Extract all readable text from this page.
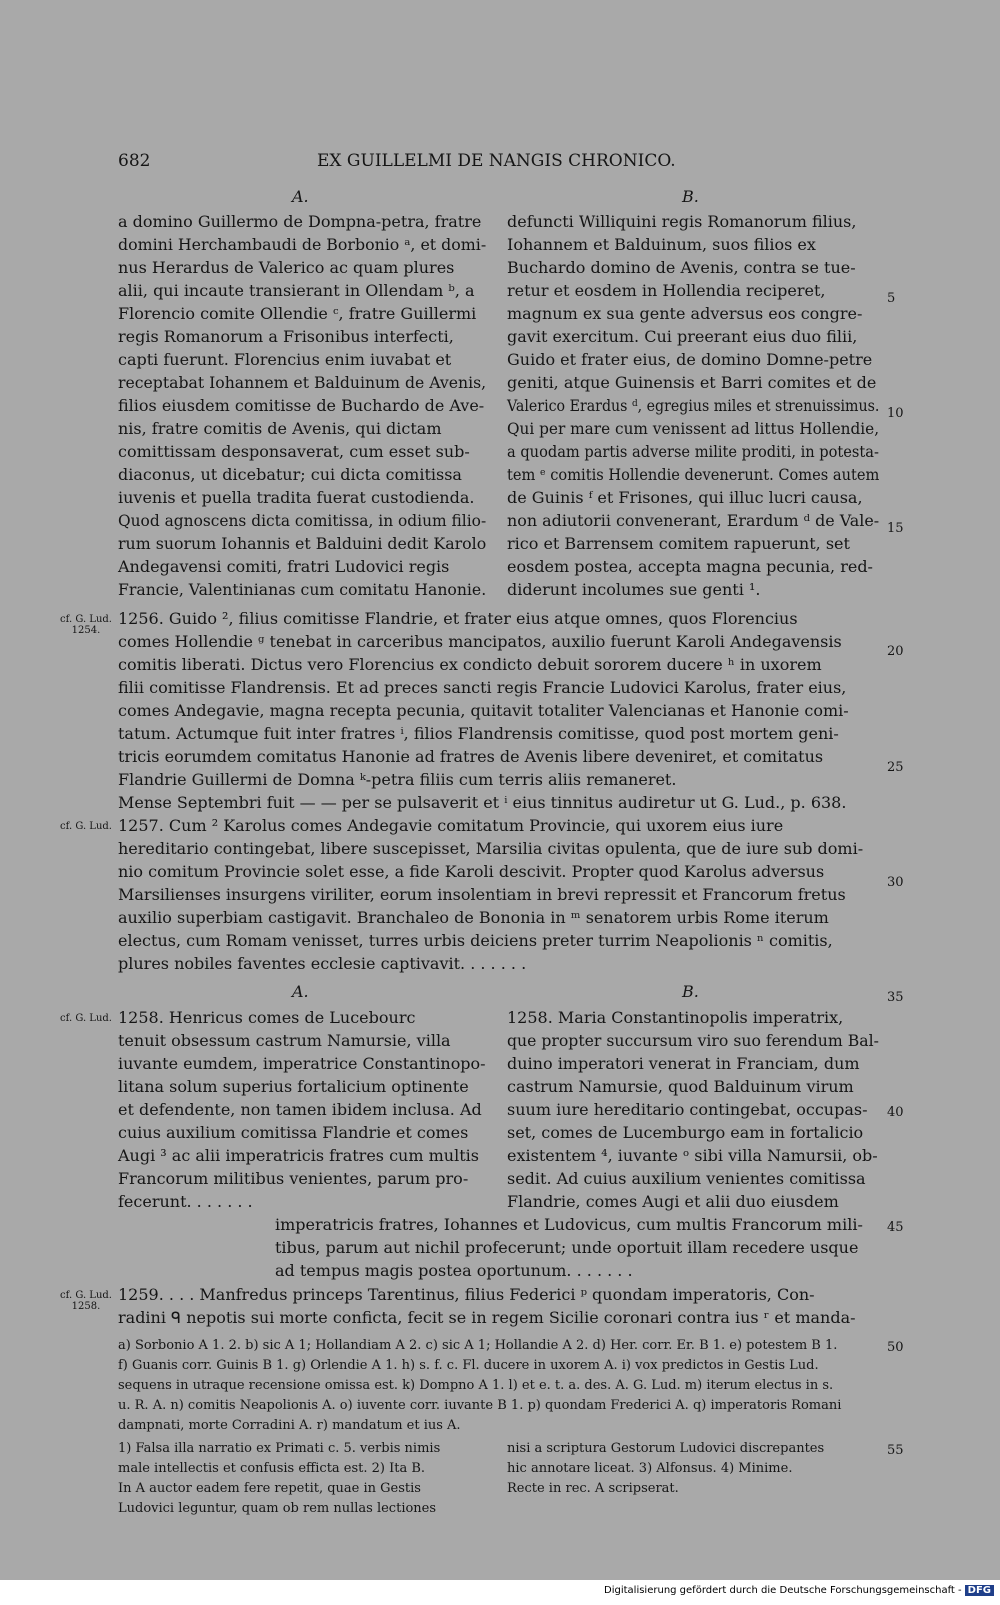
682	EX GUILLELMI DE NANGIS CHRONICO.
A.	B.
a domino Guillermo de Dompna-petra, fratre
domini Herchambaudi de Borbonio ᵃ, et domi-
nus Herardus de Valerico ac quam plures
alii, qui incaute transierant in Ollendam ᵇ, a
Florencio comite Ollendie ᶜ, fratre Guillermi
regis Romanorum a Frisonibus interfecti,
capti fuerunt. Florencius enim iuvabat et
receptabat Iohannem et Balduinum de Avenis,
filios eiusdem comitisse de Buchardo de Ave-
nis, fratre comitis de Avenis, qui dictam
comittissam desponsaverat, cum esset sub-
diaconus, ut dicebatur; cui dicta comitissa
iuvenis et puella tradita fuerat custodienda.
Quod agnoscens dicta comitissa, in odium filio-
rum suorum Iohannis et Balduini dedit Karolo
Andegavensi comiti, fratri Ludovici regis
Francie, Valentinianas cum comitatu Hanonie.
defuncti Williquini regis Romanorum filius,
Iohannem et Balduinum, suos filios ex
Buchardo domino de Avenis, contra se tue-
retur et eosdem in Hollendia reciperet,
magnum ex sua gente adversus eos congre-
gavit exercitum. Cui preerant eius duo filii,
Guido et frater eius, de domino Domne-petre
geniti, atque Guinensis et Barri comites et de
Valerico Erardus ᵈ, egregius miles et strenuissimus.
Qui per mare cum venissent ad littus Hollendie,
a quodam partis adverse milite proditi, in potesta-
tem ᵉ comitis Hollendie devenerunt. Comes autem
de Guinis ᶠ et Frisones, qui illuc lucri causa,
non adiutorii convenerant, Erardum ᵈ de Vale-
rico et Barrensem comitem rapuerunt, set
eosdem postea, accepta magna pecunia, red-
diderunt incolumes sue genti ¹.
cf. G. Lud. 1254.
1256. Guido ², filius comitisse Flandrie, et frater eius atque omnes, quos Florencius
comes Hollendie ᵍ tenebat in carceribus mancipatos, auxilio fuerunt Karoli Andegavensis
comitis liberati. Dictus vero Florencius ex condicto debuit sororem ducere ʰ in uxorem
filii comitisse Flandrensis. Et ad preces sancti regis Francie Ludovici Karolus, frater eius,
comes Andegavie, magna recepta pecunia, quitavit totaliter Valencianas et Hanonie comi-
tatum. Actumque fuit inter fratres ⁱ, filios Flandrensis comitisse, quod post mortem geni-
tricis eorumdem comitatus Hanonie ad fratres de Avenis libere deveniret, et comitatus
Flandrie Guillermi de Domna ᵏ-petra filiis cum terris aliis remaneret.
Mense Septembri fuit — — per se pulsaverit et ⁱ eius tinnitus audiretur ut G. Lud., p. 638.
cf. G. Lud. 1257. Cum ² Karolus comes Andegavie comitatum Provincie, qui uxorem eius iure
hereditario contingebat, libere suscepisset, Marsilia civitas opulenta, que de iure sub domi-
nio comitum Provincie solet esse, a fide Karoli descivit. Propter quod Karolus adversus
Marsilienses insurgens viriliter, eorum insolentiam in brevi repressit et Francorum fretus
auxilio superbiam castigavit. Branchaleo de Bononia in ᵐ senatorem urbis Rome iterum
electus, cum Romam venisset, turres urbis deiciens preter turrim Neapolionis ⁿ comitis,
plures nobiles faventes ecclesie captivavit. . . . . . .
A.	B.
cf. G. Lud. 1258. Henricus comes de Lucebourc
tenuit obsessum castrum Namursie, villa
iuvante eumdem, imperatrice Constantinopo-
litana solum superius fortalicium optinente
et defendente, non tamen ibidem inclusa. Ad
cuius auxilium comitissa Flandrie et comes
Augi ³ ac alii imperatricis fratres cum multis
Francorum militibus venientes, parum pro-
fecerunt. . . . . . .
1258. Maria Constantinopolis imperatrix,
que propter succursum viro suo ferendum Bal-
duino imperatori venerat in Franciam, dum
castrum Namursie, quod Balduinum virum
suum iure hereditario contingebat, occupas-
set, comes de Lucemburgo eam in fortalicio
existentem ⁴, iuvante ᵒ sibi villa Namursii, ob-
sedit. Ad cuius auxilium venientes comitissa
Flandrie, comes Augi et alii duo eiusdem
imperatricis fratres, Iohannes et Ludovicus, cum multis Francorum mili-
tibus, parum aut nichil profecerunt; unde oportuit illam recedere usque
ad tempus magis postea oportunum. . . . . . .
cf. G. Lud. 1258.
1259. . . . Manfredus princeps Tarentinus, filius Federici ᵖ quondam imperatoris, Con-
radini ᑫ nepotis sui morte conficta, fecit se in regem Sicilie coronari contra ius ʳ et manda-
a) Sorbonio A 1. 2. b) sic A 1; Hollandiam A 2. c) sic A 1; Hollandie A 2. d) Her. corr. Er. B 1. e) potestem B 1.
f) Guanis corr. Guinis B 1. g) Orlendie A 1. h) s. f. c. Fl. ducere in uxorem A. i) vox predictos in Gestis Lud.
sequens in utraque recensione omissa est. k) Dompno A 1. l) et e. t. a. des. A. G. Lud. m) iterum electus in s.
u. R. A. n) comitis Neapolionis A. o) iuvente corr. iuvante B 1. p) quondam Frederici A. q) imperatoris Romani
dampnati, morte Corradini A. r) mandatum et ius A.
1) Falsa illa narratio ex Primati c. 5. verbis nimis
male intellectis et confusis efficta est. 2) Ita B.
In A auctor eadem fere repetit, quae in Gestis
Ludovici leguntur, quam ob rem nullas lectiones
nisi a scriptura Gestorum Ludovici discrepantes
hic annotare liceat. 3) Alfonsus. 4) Minime.
Recte in rec. A scripserat.
5
10
15
20
25
30
35
40
45
50
55
Digitalisierung gefördert durch die Deutsche Forschungsgemeinschaft - DFG
